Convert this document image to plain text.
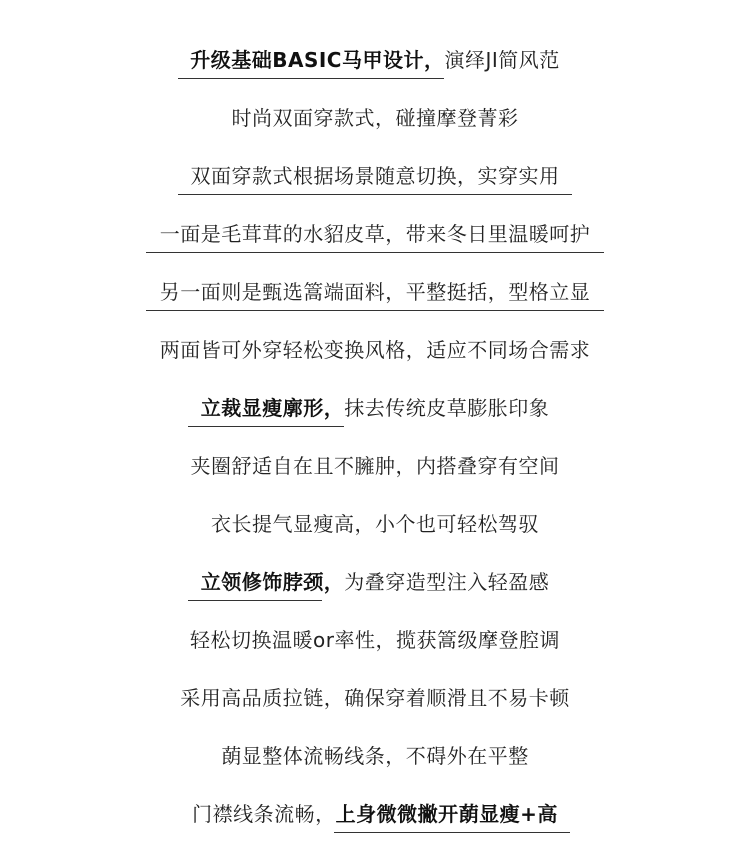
升级基础BASIC马甲设计，演绎JI简风范
时尚双面穿款式，碰撞摩登菁彩
双面穿款式根据场景随意切换，实穿实用
一面是毛茸茸的水貂皮草，带来冬日里温暖呵护
另一面则是甄选篙端面料，平整挺括，型格立显
两面皆可外穿轻松变换风格，适应不同场合需求
立裁显瘦廓形，抹去传统皮草膨胀印象
夹圈舒适自在且不臃肿，内搭叠穿有空间
衣长提气显瘦高，小个也可轻松驾驭
立领修饰脖颈，为叠穿造型注入轻盈感
轻松切换温暖or率性，揽获篙级摩登腔调
采用高品质拉链，确保穿着顺滑且不易卡顿
蓢显整体流畅线条，不碍外在平整
门襟线条流畅，上身微微撇开蓢显瘦+高
